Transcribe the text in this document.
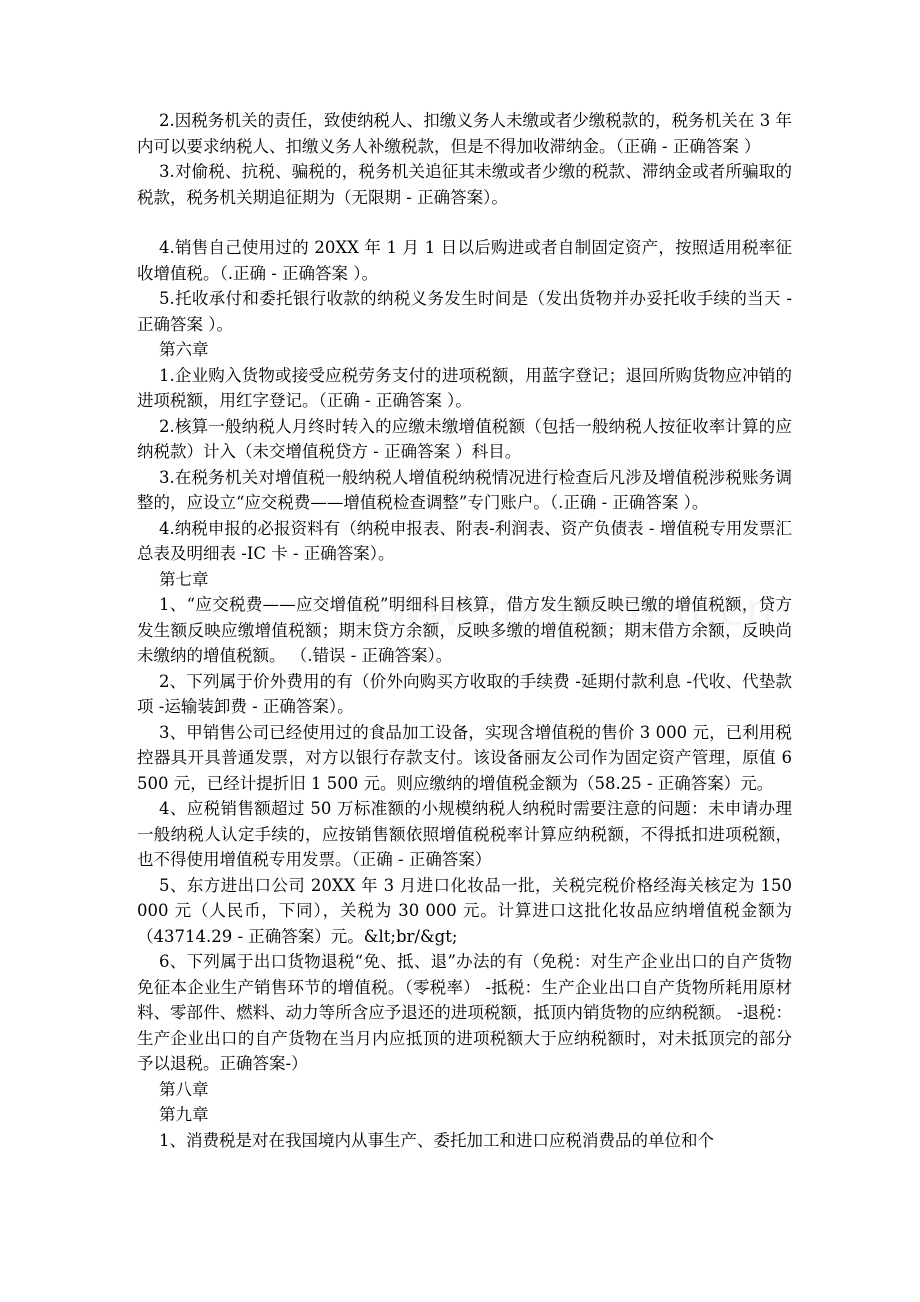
2.因税务机关的责任，致使纳税人、扣缴义务人未缴或者少缴税款的，税务机关在 3 年内可以要求纳税人、扣缴义务人补缴税款，但是不得加收滞纳金。（正确 - 正确答案 ）

3.对偷税、抗税、骗税的，税务机关追征其未缴或者少缴的税款、滞纳金或者所骗取的税款，税务机关期追征期为（无限期 - 正确答案）。

4.销售自己使用过的 20XX 年 1 月 1 日以后购进或者自制固定资产，按照适用税率征收增值税。（.正确 - 正确答案 ）。

5.托收承付和委托银行收款的纳税义务发生时间是（发出货物并办妥托收手续的当天 - 正确答案 ）。

第六章

1.企业购入货物或接受应税劳务支付的进项税额，用蓝字登记；退回所购货物应冲销的进项税额，用红字登记。（正确 - 正确答案 ）。

2.核算一般纳税人月终时转入的应缴未缴增值税额（包括一般纳税人按征收率计算的应纳税款）计入（未交增值税贷方 - 正确答案 ）科目。

3.在税务机关对增值税一般纳税人增值税纳税情况进行检查后凡涉及增值税涉税账务调整的，应设立“应交税费——增值税检查调整”专门账户。（.正确 - 正确答案 ）。

4.纳税申报的必报资料有（纳税申报表、附表-利润表、资产负债表 - 增值税专用发票汇总表及明细表 -IC 卡 - 正确答案）。

第七章

1、“应交税费——应交增值税”明细科目核算，借方发生额反映已缴的增值税额，贷方发生额反映应缴增值税额；期末贷方余额，反映多缴的增值税额；期末借方余额，反映尚未缴纳的增值税额。 （.错误 - 正确答案）。

2、下列属于价外费用的有（价外向购买方收取的手续费 -延期付款利息 -代收、代垫款项 -运输装卸费 - 正确答案）。

3、甲销售公司已经使用过的食品加工设备，实现含增值税的售价 3 000 元，已利用税控器具开具普通发票，对方以银行存款支付。该设备丽友公司作为固定资产管理，原值 6 500 元，已经计提折旧 1 500 元。则应缴纳的增值税金额为（58.25 - 正确答案）元。

4、应税销售额超过 50 万标准额的小规模纳税人纳税时需要注意的问题：未申请办理一般纳税人认定手续的，应按销售额依照增值税税率计算应纳税额，不得抵扣进项税额，也不得使用增值税专用发票。（正确 - 正确答案）

5、东方进出口公司 20XX 年 3 月进口化妆品一批，关税完税价格经海关核定为 150 000 元（人民币，下同），关税为 30 000 元。计算进口这批化妆品应纳增值税金额为（43714.29 - 正确答案）元。&lt;br/&gt;

6、下列属于出口货物退税“免、抵、退”办法的有（免税：对生产企业出口的自产货物免征本企业生产销售环节的增值税。（零税率） -抵税：生产企业出口自产货物所耗用原材料、零部件、燃料、动力等所含应予退还的进项税额，抵顶内销货物的应纳税额。 -退税：生产企业出口的自产货物在当月内应抵顶的进项税额大于应纳税额时，对未抵顶完的部分予以退税。正确答案-）

第八章

第九章

1、消费税是对在我国境内从事生产、委托加工和进口应税消费品的单位和个
